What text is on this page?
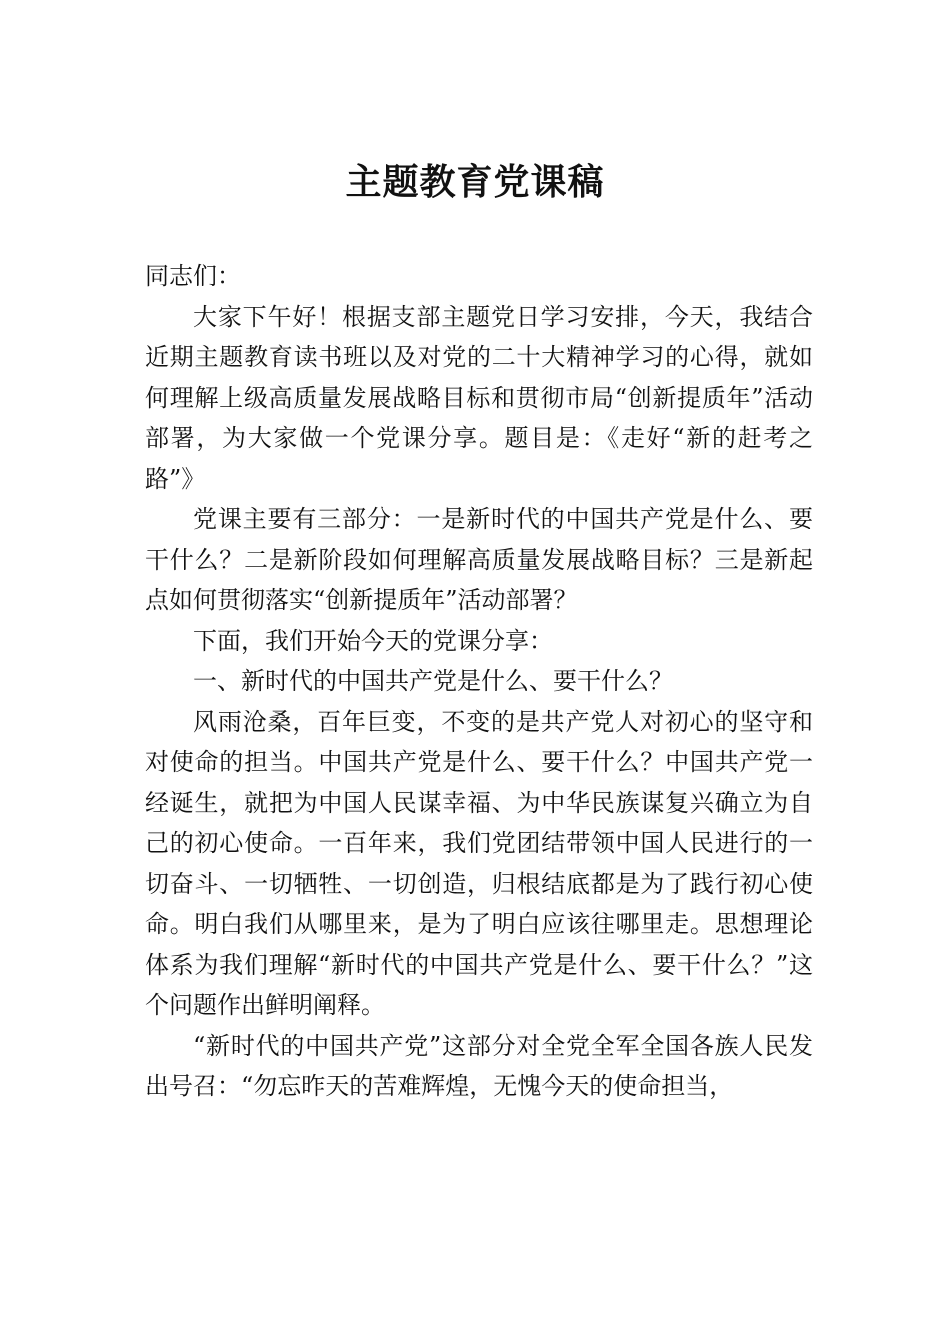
主题教育党课稿

同志们：

大家下午好！根据支部主题党日学习安排，今天，我结合近期主题教育读书班以及对党的二十大精神学习的心得，就如何理解上级高质量发展战略目标和贯彻市局“创新提质年”活动部署，为大家做一个党课分享。题目是：《走好“新的赶考之路”》

党课主要有三部分：一是新时代的中国共产党是什么、要干什么？二是新阶段如何理解高质量发展战略目标？三是新起点如何贯彻落实“创新提质年”活动部署？

下面，我们开始今天的党课分享：

一、新时代的中国共产党是什么、要干什么？

风雨沧桑，百年巨变，不变的是共产党人对初心的坚守和对使命的担当。中国共产党是什么、要干什么？中国共产党一经诞生，就把为中国人民谋幸福、为中华民族谋复兴确立为自己的初心使命。一百年来，我们党团结带领中国人民进行的一切奋斗、一切牺牲、一切创造，归根结底都是为了践行初心使命。明白我们从哪里来，是为了明白应该往哪里走。思想理论体系为我们理解“新时代的中国共产党是什么、要干什么？”这个问题作出鲜明阐释。

“新时代的中国共产党”这部分对全党全军全国各族人民发出号召：“勿忘昨天的苦难辉煌，无愧今天的使命担当，
